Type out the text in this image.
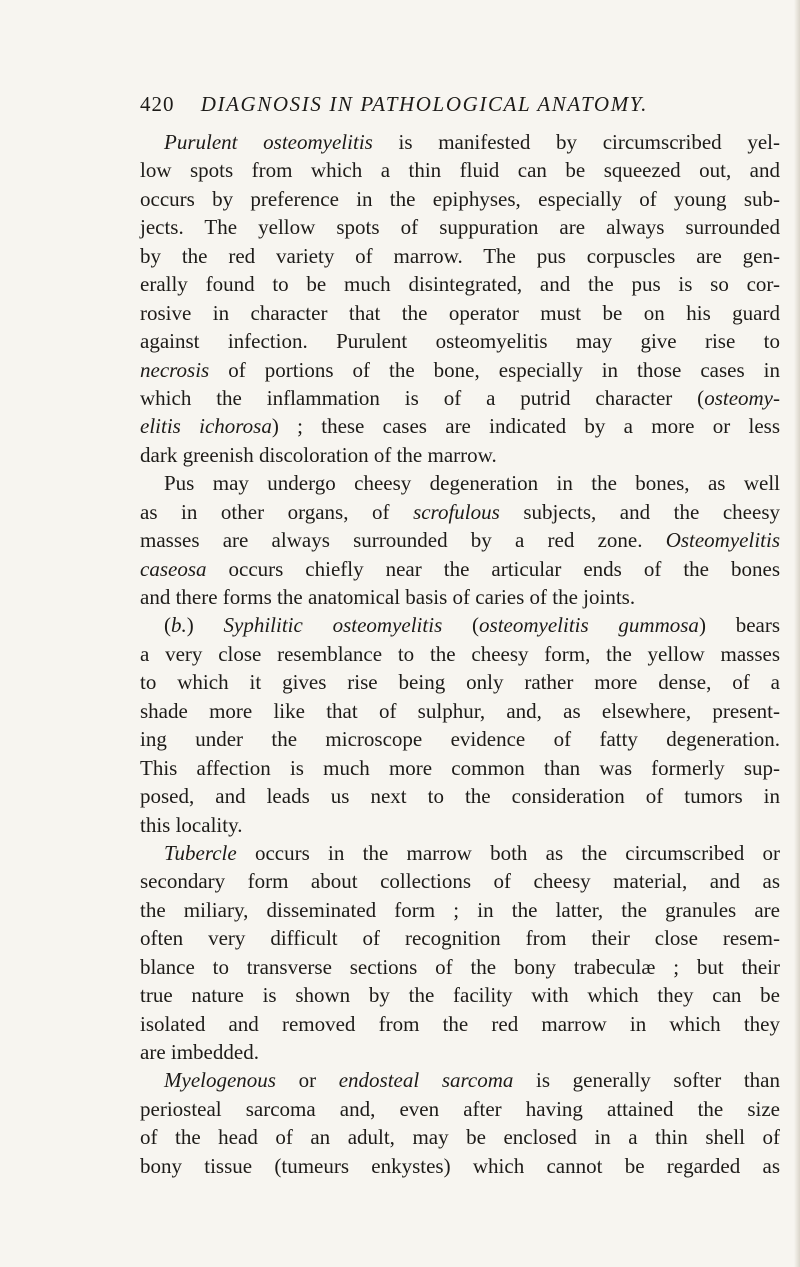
420 DIAGNOSIS IN PATHOLOGICAL ANATOMY.
Purulent osteomyelitis is manifested by circumscribed yel-
low spots from which a thin fluid can be squeezed out, and
occurs by preference in the epiphyses, especially of young sub-
jects. The yellow spots of suppuration are always surrounded
by the red variety of marrow. The pus corpuscles are gen-
erally found to be much disintegrated, and the pus is so cor-
rosive in character that the operator must be on his guard
against infection. Purulent osteomyelitis may give rise to
necrosis of portions of the bone, especially in those cases in
which the inflammation is of a putrid character (osteomy-
elitis ichorosa) ; these cases are indicated by a more or less
dark greenish discoloration of the marrow.
Pus may undergo cheesy degeneration in the bones, as well
as in other organs, of scrofulous subjects, and the cheesy
masses are always surrounded by a red zone. Osteomyelitis
caseosa occurs chiefly near the articular ends of the bones
and there forms the anatomical basis of caries of the joints.
(b.) Syphilitic osteomyelitis (osteomyelitis gummosa) bears
a very close resemblance to the cheesy form, the yellow masses
to which it gives rise being only rather more dense, of a
shade more like that of sulphur, and, as elsewhere, present-
ing under the microscope evidence of fatty degeneration.
This affection is much more common than was formerly sup-
posed, and leads us next to the consideration of tumors in
this locality.
Tubercle occurs in the marrow both as the circumscribed or
secondary form about collections of cheesy material, and as
the miliary, disseminated form ; in the latter, the granules are
often very difficult of recognition from their close resem-
blance to transverse sections of the bony trabeculæ ; but their
true nature is shown by the facility with which they can be
isolated and removed from the red marrow in which they
are imbedded.
Myelogenous or endosteal sarcoma is generally softer than
periosteal sarcoma and, even after having attained the size
of the head of an adult, may be enclosed in a thin shell of
bony tissue (tumeurs enkystes) which cannot be regarded as
